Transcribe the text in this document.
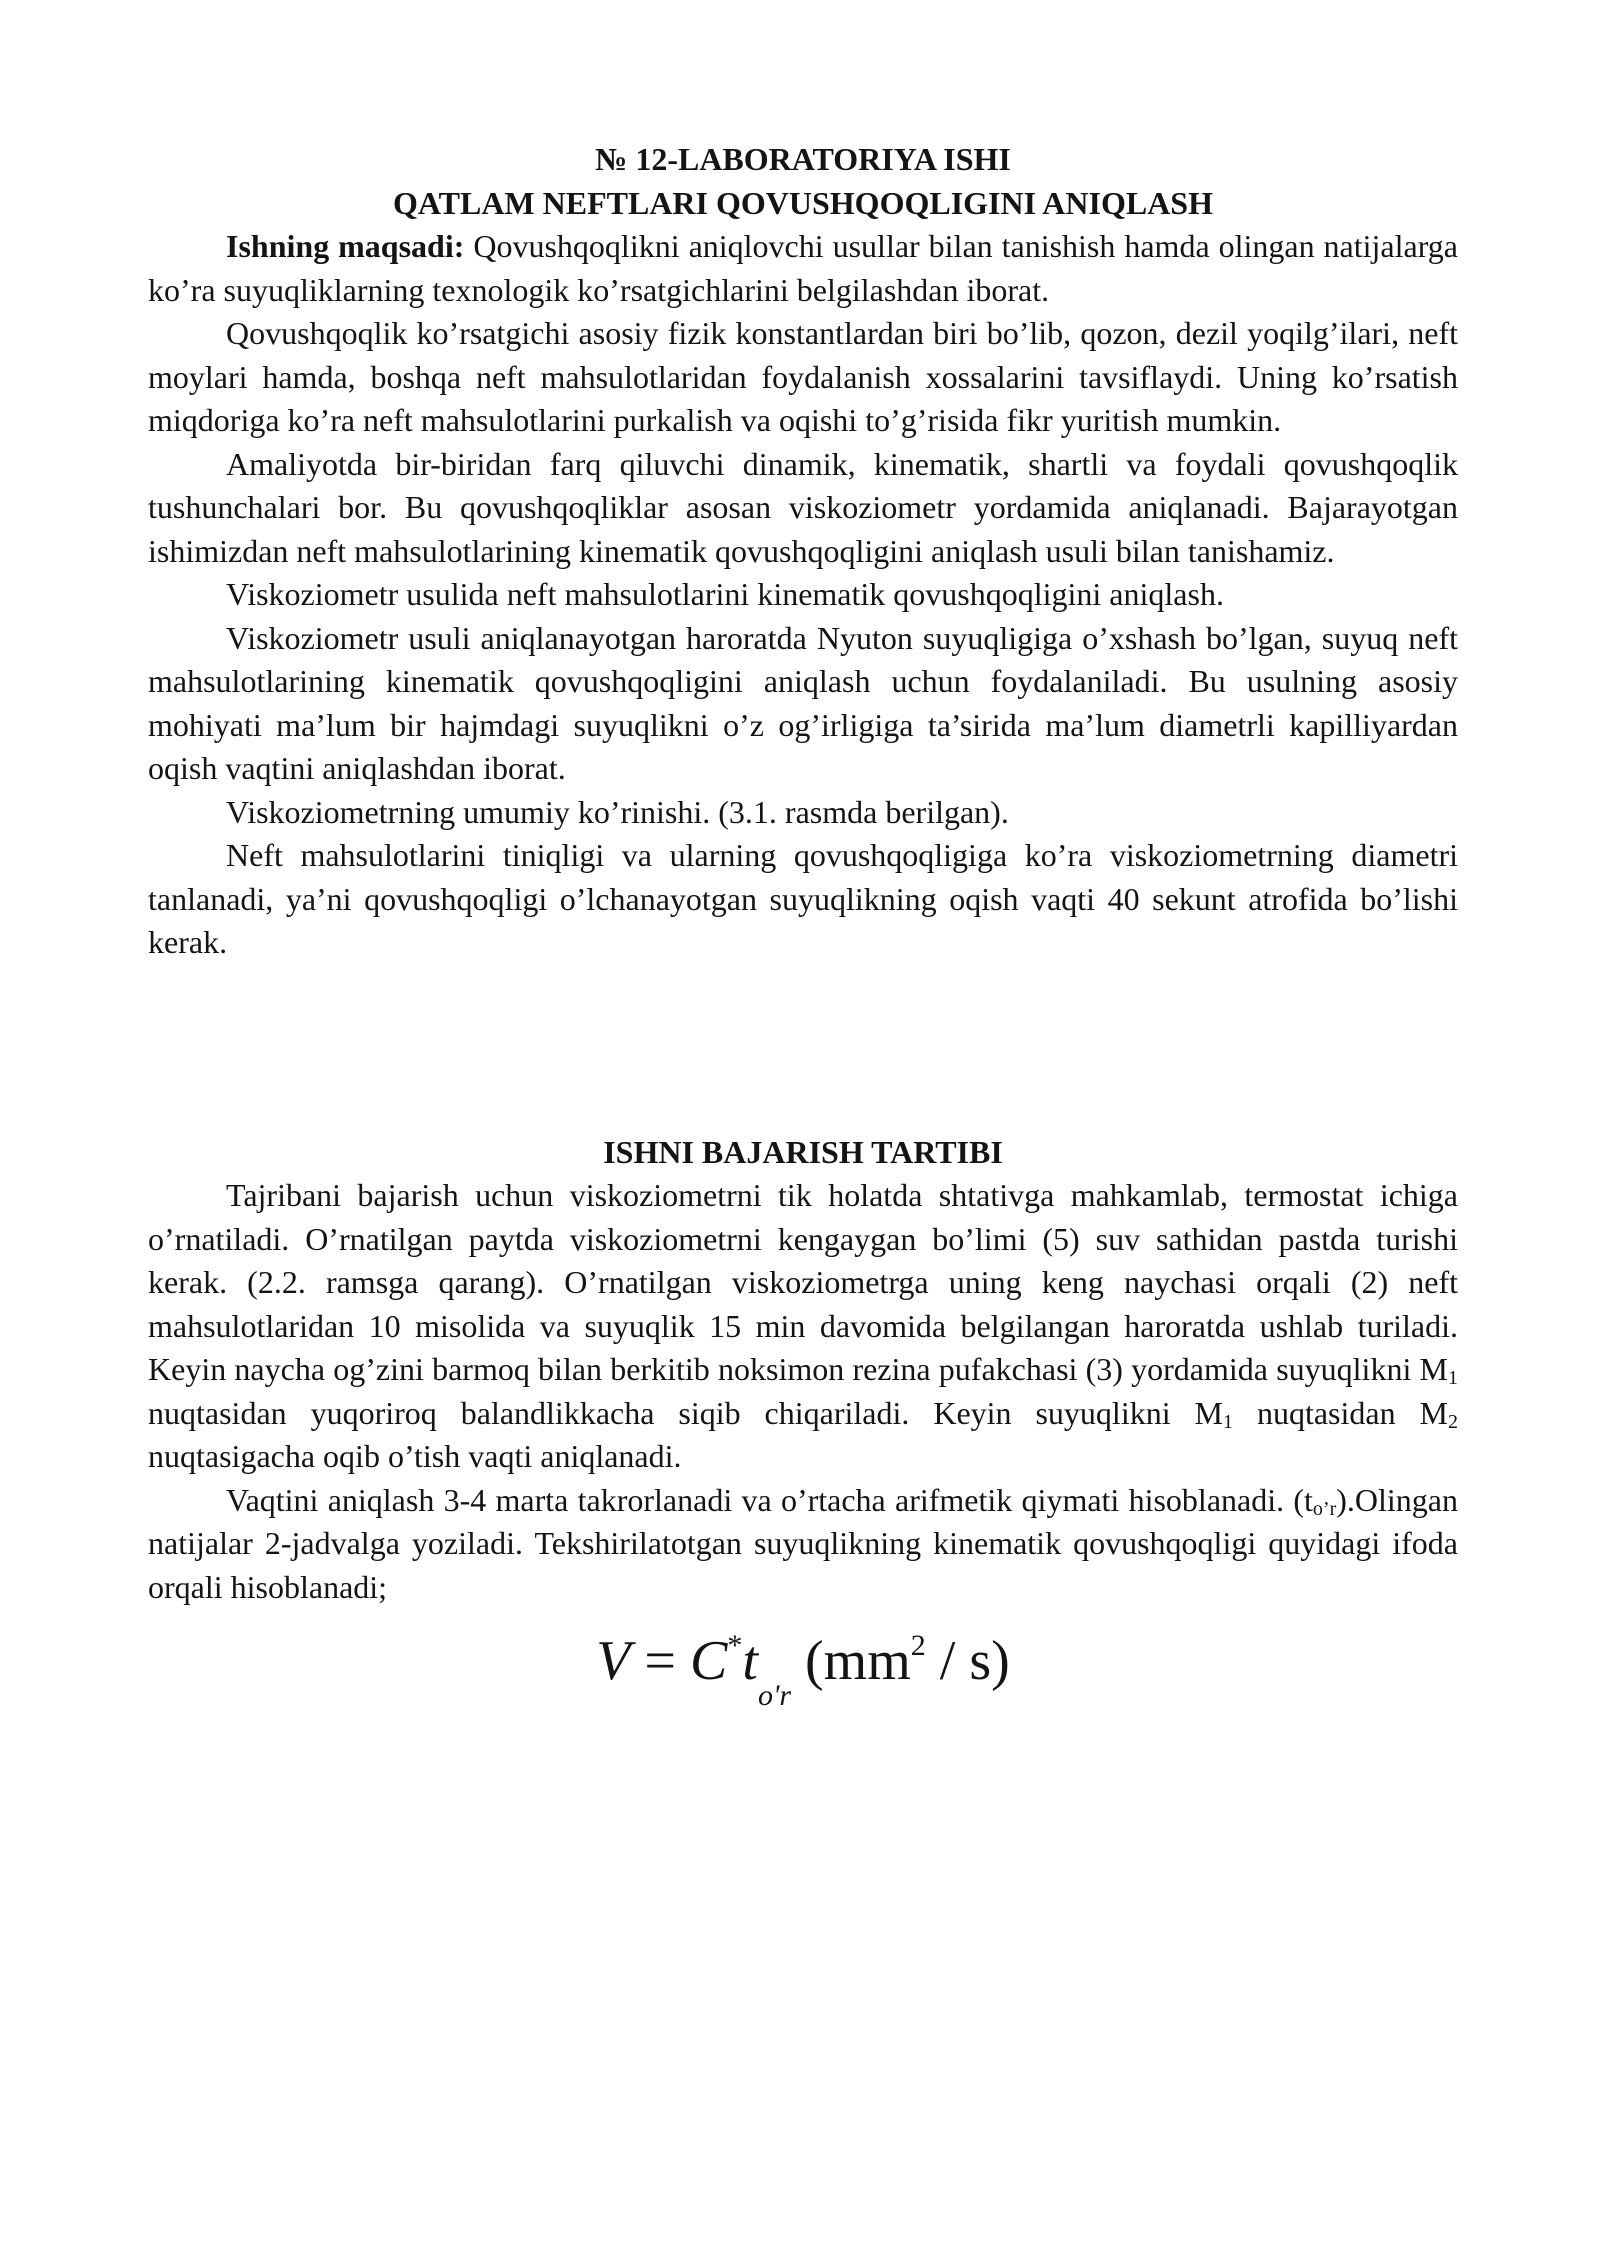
№ 12-LABORATORIYA ISHI
QATLAM NEFTLARI QOVUSHQOQLIGINI ANIQLASH

Ishning maqsadi: Qovushqoqlikni aniqlovchi usullar bilan tanishish hamda olingan natijalarga ko’ra suyuqliklarning texnologik ko’rsatgichlarini belgilashdan iborat.

Qovushqoqlik ko’rsatgichi asosiy fizik konstantlardan biri bo’lib, qozon, dezil yoqilg’ilari, neft moylari hamda, boshqa neft mahsulotlaridan foydalanish xossalarini tavsiflaydi. Uning ko’rsatish miqdoriga ko’ra neft mahsulotlarini purkalish va oqishi to’g’risida fikr yuritish mumkin.

Amaliyotda bir-biridan farq qiluvchi dinamik, kinematik, shartli va foydali qovushqoqlik tushunchalari bor. Bu qovushqoqliklar asosan viskoziometr yordamida aniqlanadi. Bajarayotgan ishimizdan neft mahsulotlarining kinematik qovushqoqligini aniqlash usuli bilan tanishamiz.

Viskoziometr usulida neft mahsulotlarini kinematik qovushqoqligini aniqlash.

Viskoziometr usuli aniqlanayotgan haroratda Nyuton suyuqligiga o’xshash bo’lgan, suyuq neft mahsulotlarining kinematik qovushqoqligini aniqlash uchun foydalaniladi. Bu usulning asosiy mohiyati ma’lum bir hajmdagi suyuqlikni o’z og’irligiga ta’sirida ma’lum diametrli kapilliyardan oqish vaqtini aniqlashdan iborat.

Viskoziometrning umumiy ko’rinishi. (3.1. rasmda berilgan).

Neft mahsulotlarini tiniqligi va ularning qovushqoqligiga ko’ra viskoziometrning diametri tanlanadi, ya’ni qovushqoqligi o’lchanayotgan suyuqlikning oqish vaqti 40 sekunt atrofida bo’lishi kerak.

ISHNI BAJARISH TARTIBI

Tajribani bajarish uchun viskoziometrni tik holatda shtativga mahkamlab, termostat ichiga o’rnatiladi. O’rnatilgan paytda viskoziometrni kengaygan bo’limi (5) suv sathidan pastda turishi kerak. (2.2. ramsga qarang). O’rnatilgan viskoziometrga uning keng naychasi orqali (2) neft mahsulotlaridan 10 misolida va suyuqlik 15 min davomida belgilangan haroratda ushlab turiladi. Keyin naycha og’zini barmoq bilan berkitib noksimon rezina pufakchasi (3) yordamida suyuqlikni $M_1$ nuqtasidan yuqoriroq balandlikkacha siqib chiqariladi. Keyin suyuqlikni $M_1$ nuqtasidan $M_2$ nuqtasigacha oqib o’tish vaqti aniqlanadi.

Vaqtini aniqlash 3-4 marta takrorlanadi va o’rtacha arifmetik qiymati hisoblanadi. $(t_{o’r}).Olingan$ natijalar 2-jadvalga yoziladi. Tekshirilatotgan suyuqlikning kinematik qovushqoqligi quyidagi ifoda orqali hisoblanadi;

V = C*to'r (mm2 / s)
